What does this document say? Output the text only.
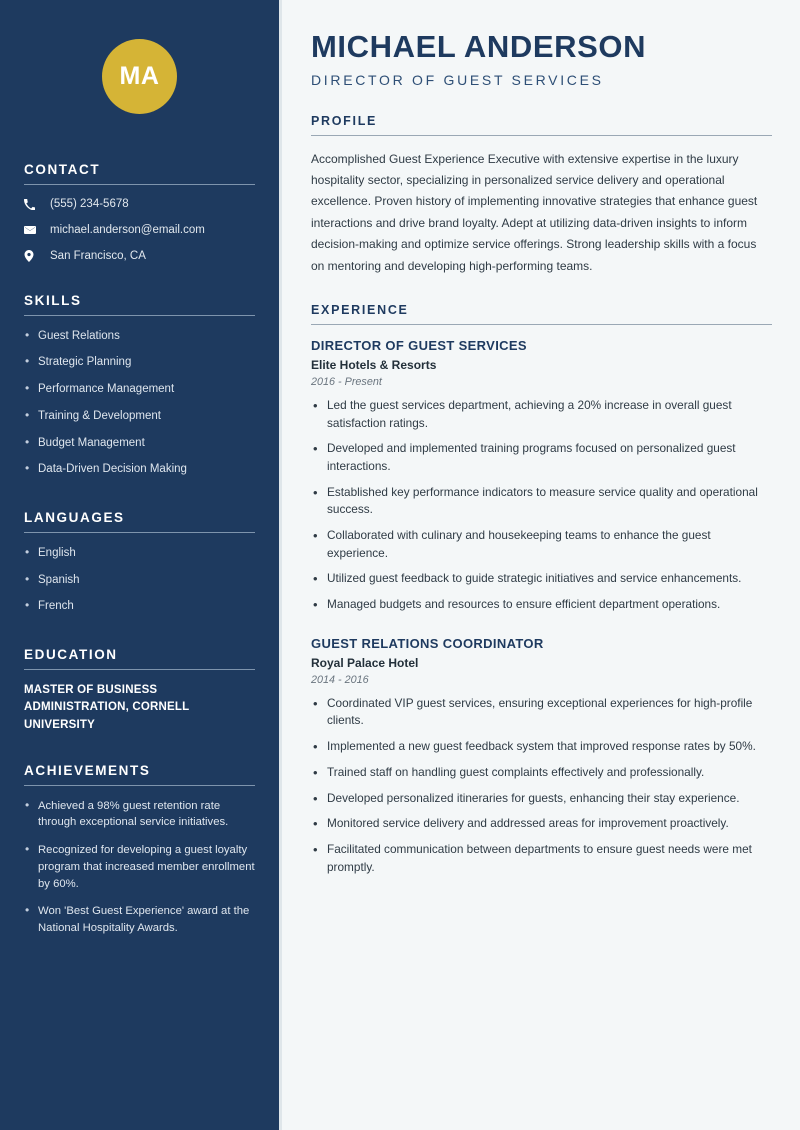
MA
CONTACT
(555) 234-5678
michael.anderson@email.com
San Francisco, CA
SKILLS
• Guest Relations
• Strategic Planning
• Performance Management
• Training & Development
• Budget Management
• Data-Driven Decision Making
LANGUAGES
• English
• Spanish
• French
EDUCATION
MASTER OF BUSINESS ADMINISTRATION, CORNELL UNIVERSITY
ACHIEVEMENTS
• Achieved a 98% guest retention rate through exceptional service initiatives.
• Recognized for developing a guest loyalty program that increased member enrollment by 60%.
• Won 'Best Guest Experience' award at the National Hospitality Awards.
MICHAEL ANDERSON
DIRECTOR OF GUEST SERVICES
PROFILE

Accomplished Guest Experience Executive with extensive expertise in the luxury hospitality sector, specializing in personalized service delivery and operational excellence. Proven history of implementing innovative strategies that enhance guest interactions and drive brand loyalty. Adept at utilizing data-driven insights to inform decision-making and optimize service offerings. Strong leadership skills with a focus on mentoring and developing high-performing teams.

EXPERIENCE
DIRECTOR OF GUEST SERVICES
Elite Hotels & Resorts
2016 - Present
• Led the guest services department, achieving a 20% increase in overall guest satisfaction ratings.
• Developed and implemented training programs focused on personalized guest interactions.
• Established key performance indicators to measure service quality and operational success.
• Collaborated with culinary and housekeeping teams to enhance the guest experience.
• Utilized guest feedback to guide strategic initiatives and service enhancements.
• Managed budgets and resources to ensure efficient department operations.
GUEST RELATIONS COORDINATOR
Royal Palace Hotel
2014 - 2016
• Coordinated VIP guest services, ensuring exceptional experiences for high-profile clients.
• Implemented a new guest feedback system that improved response rates by 50%.
• Trained staff on handling guest complaints effectively and professionally.
• Developed personalized itineraries for guests, enhancing their stay experience.
• Monitored service delivery and addressed areas for improvement proactively.
• Facilitated communication between departments to ensure guest needs were met promptly.
